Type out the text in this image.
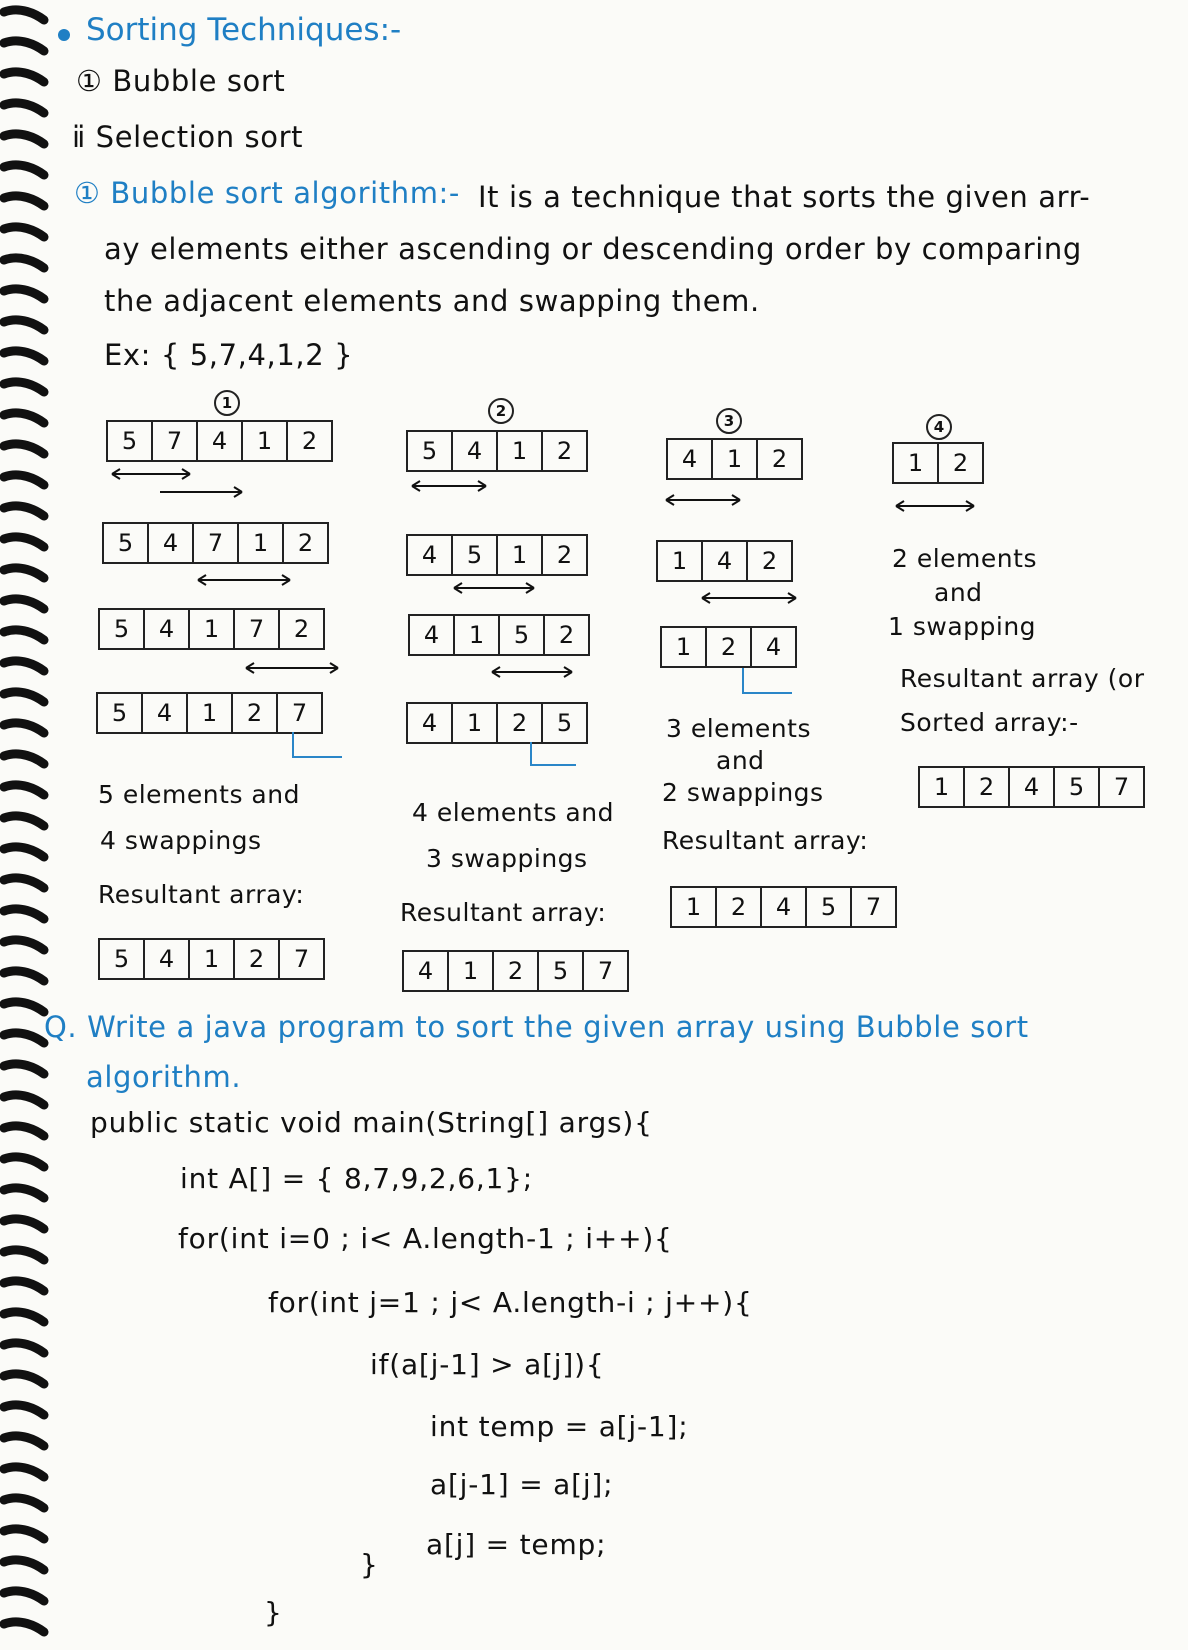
Sorting Techniques:-
① Bubble sort
ⅱ Selection sort
① Bubble sort algorithm:- It is a technique that sorts the given arr-
ay elements either ascending or descending order by comparing
the adjacent elements and swapping them.
Ex: { 5,7,4,1,2 }
1
5	7	4	1	2
5	4	7	1	2
5	4	1	7	2
5	4	1	2	7
5 elements and
4 swappings
Resultant array:
5	4	1	2	7
2
5	4	1	2
4	5	1	2
4	1	5	2
4	1	2	5
4 elements and
3 swappings
Resultant array:
4	1	2	5	7
3
4	1	2
1	4	2
1	2	4
3 elements
and
2 swappings
Resultant array:
1	2	4	5	7
4
1	2
2 elements
and
1 swapping
Resultant array (or
Sorted array:-
1	2	4	5	7
Q. Write a java program to sort the given array using Bubble sort
algorithm.
public static void main(String[] args){
int A[] = { 8,7,9,2,6,1};
for(int i=0 ; i< A.length-1 ; i++){
for(int j=1 ; j< A.length-i ; j++){
if(a[j-1] > a[j]){
int temp = a[j-1];
a[j-1] = a[j];
a[j] = temp;
}
}
